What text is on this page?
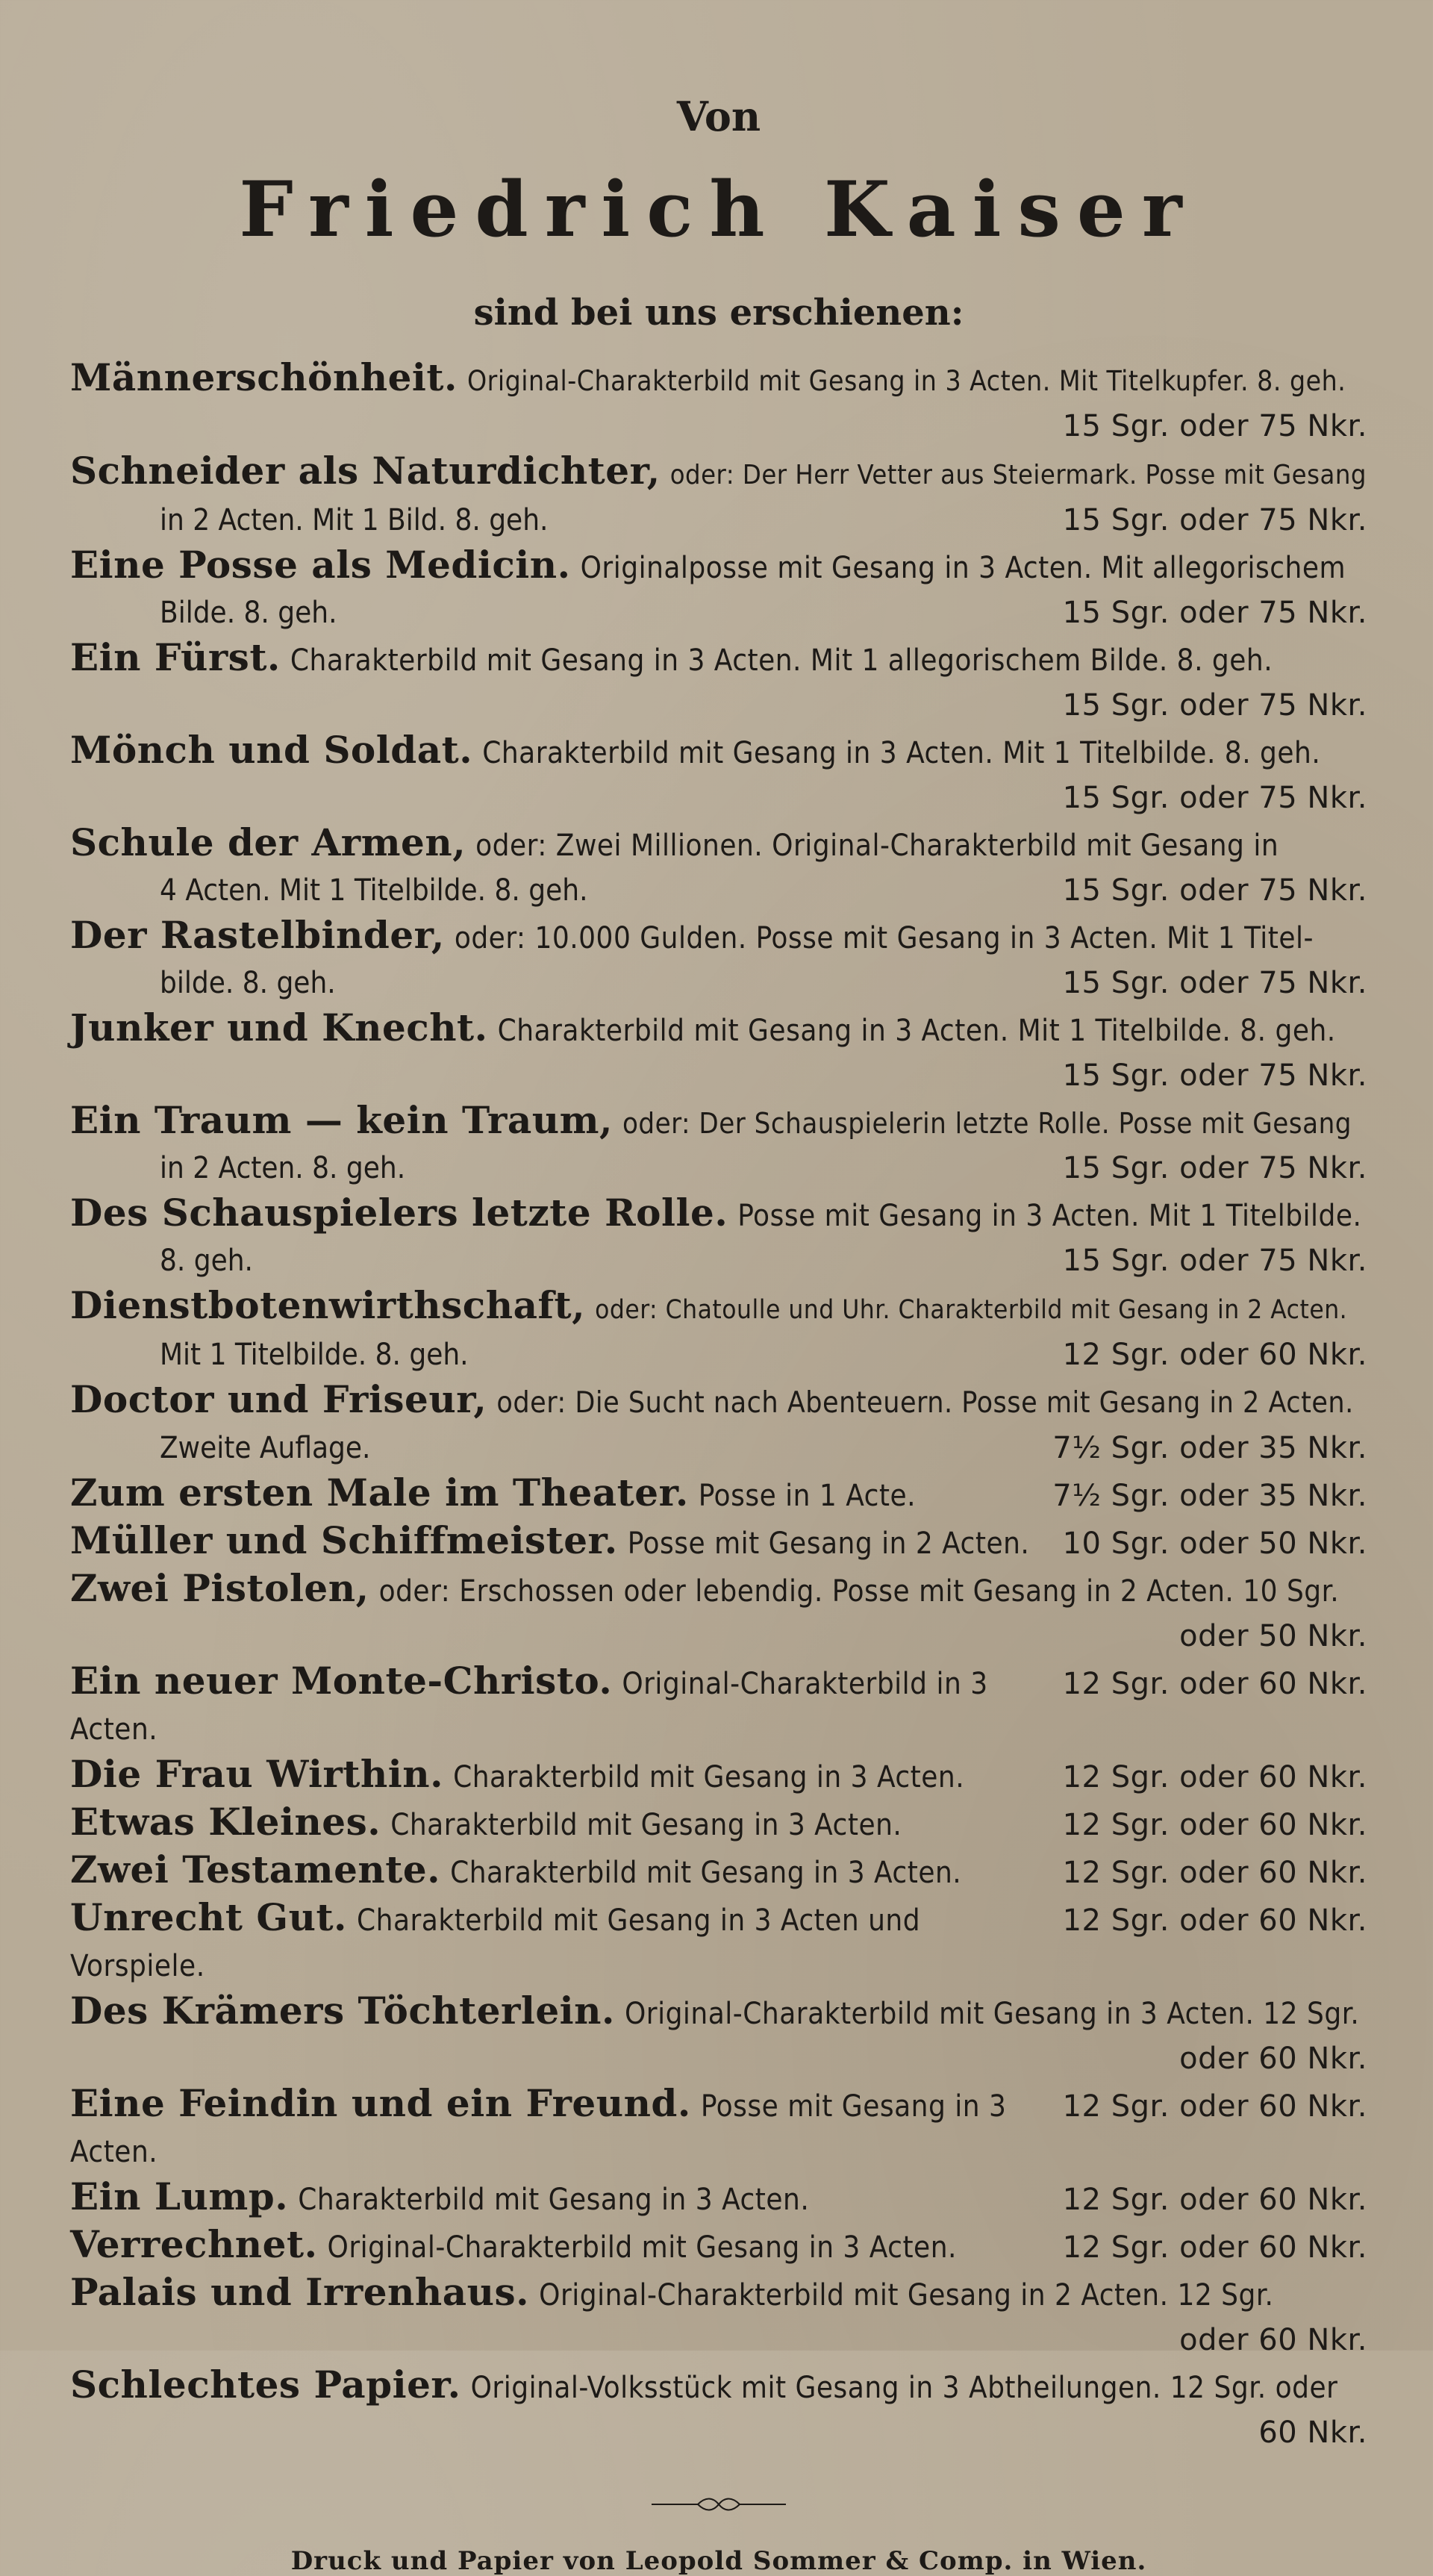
Von
Friedrich Kaiser
sind bei uns erschienen:
Männerschönheit. Original-Charakterbild mit Gesang in 3 Acten. Mit Titelkupfer. 8. geh.
15 Sgr. oder 75 Nkr.
Schneider als Naturdichter, oder: Der Herr Vetter aus Steiermark. Posse mit Gesang
in 2 Acten. Mit 1 Bild. 8. geh.	15 Sgr. oder 75 Nkr.
Eine Posse als Medicin. Originalposse mit Gesang in 3 Acten. Mit allegorischem
Bilde. 8. geh.	15 Sgr. oder 75 Nkr.
Ein Fürst. Charakterbild mit Gesang in 3 Acten. Mit 1 allegorischem Bilde. 8. geh.
15 Sgr. oder 75 Nkr.
Mönch und Soldat. Charakterbild mit Gesang in 3 Acten. Mit 1 Titelbilde. 8. geh.
15 Sgr. oder 75 Nkr.
Schule der Armen, oder: Zwei Millionen. Original-Charakterbild mit Gesang in
4 Acten. Mit 1 Titelbilde. 8. geh.	15 Sgr. oder 75 Nkr.
Der Rastelbinder, oder: 10.000 Gulden. Posse mit Gesang in 3 Acten. Mit 1 Titel-
bilde. 8. geh.	15 Sgr. oder 75 Nkr.
Junker und Knecht. Charakterbild mit Gesang in 3 Acten. Mit 1 Titelbilde. 8. geh.
15 Sgr. oder 75 Nkr.
Ein Traum — kein Traum, oder: Der Schauspielerin letzte Rolle. Posse mit Gesang
in 2 Acten. 8. geh.	15 Sgr. oder 75 Nkr.
Des Schauspielers letzte Rolle. Posse mit Gesang in 3 Acten. Mit 1 Titelbilde.
8. geh.	15 Sgr. oder 75 Nkr.
Dienstbotenwirthschaft, oder: Chatoulle und Uhr. Charakterbild mit Gesang in 2 Acten.
Mit 1 Titelbilde. 8. geh.	12 Sgr. oder 60 Nkr.
Doctor und Friseur, oder: Die Sucht nach Abenteuern. Posse mit Gesang in 2 Acten.
Zweite Auflage.	7½ Sgr. oder 35 Nkr.
Zum ersten Male im Theater. Posse in 1 Acte.	7½ Sgr. oder 35 Nkr.
Müller und Schiffmeister. Posse mit Gesang in 2 Acten. 10 Sgr. oder 50 Nkr.
Zwei Pistolen, oder: Erschossen oder lebendig. Posse mit Gesang in 2 Acten. 10 Sgr.
oder 50 Nkr.
Ein neuer Monte-Christo. Original-Charakterbild in 3 Acten.
12 Sgr. oder 60 Nkr.
Die Frau Wirthin. Charakterbild mit Gesang in 3 Acten.	12 Sgr. oder 60 Nkr.
Etwas Kleines. Charakterbild mit Gesang in 3 Acten.	12 Sgr. oder 60 Nkr.
Zwei Testamente. Charakterbild mit Gesang in 3 Acten.	12 Sgr. oder 60 Nkr.
Unrecht Gut. Charakterbild mit Gesang in 3 Acten und Vorspiele.
12 Sgr. oder 60 Nkr.
Des Krämers Töchterlein. Original-Charakterbild mit Gesang in 3 Acten. 12 Sgr.
oder 60 Nkr.
Eine Feindin und ein Freund. Posse mit Gesang in 3 Acten.
12 Sgr. oder 60 Nkr.
Ein Lump. Charakterbild mit Gesang in 3 Acten.	12 Sgr. oder 60 Nkr.
Verrechnet. Original-Charakterbild mit Gesang in 3 Acten.	12 Sgr. oder 60 Nkr.
Palais und Irrenhaus. Original-Charakterbild mit Gesang in 2 Acten. 12 Sgr.
oder 60 Nkr.
Schlechtes Papier. Original-Volksstück mit Gesang in 3 Abtheilungen. 12 Sgr. oder
60 Nkr.
Druck und Papier von Leopold Sommer & Comp. in Wien.
